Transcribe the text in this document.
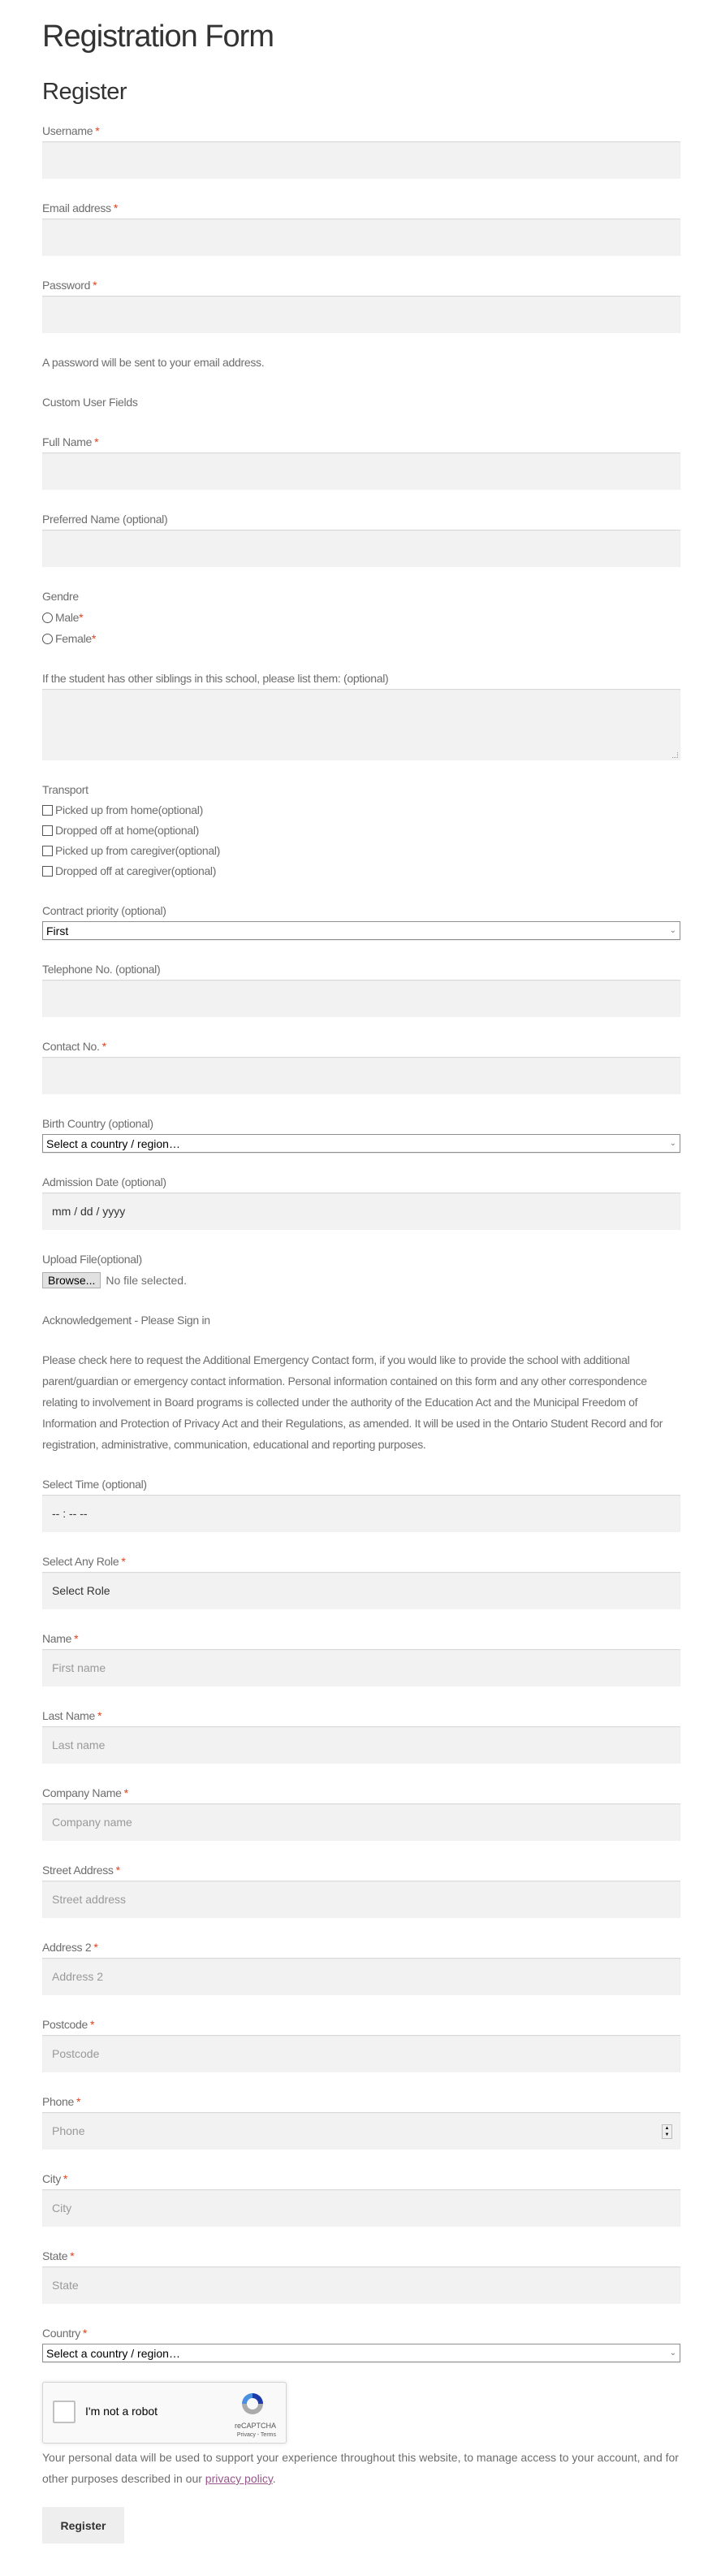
Registration Form
Register
Username *
Email address *
Password *

A password will be sent to your email address.

Custom User Fields

Full Name *
Preferred Name (optional)
Gendre
Male *
Female *
If the student has other siblings in this school, please list them: (optional)
Transport
Picked up from home(optional)
Dropped off at home(optional)
Picked up from caregiver(optional)
Dropped off at caregiver(optional)
Contract priority (optional)
First	⌄
Telephone No. (optional)
Contact No. *
Birth Country (optional)
Select a country / region…	⌄
Admission Date (optional)
mm / dd / yyyy
Upload File(optional)
Browse... No file selected.

Acknowledgement - Please Sign in

Please check here to request the Additional Emergency Contact form, if you would like to provide the school with additional parent/guardian or emergency contact information. Personal information contained on this form and any other correspondence relating to involvement in Board programs is collected under the authority of the Education Act and the Municipal Freedom of Information and Protection of Privacy Act and their Regulations, as amended. It will be used in the Ontario Student Record and for registration, administrative, communication, educational and reporting purposes.

Select Time (optional)
-- : -- --
Select Any Role *
Select Role
Name *
First name
Last Name *
Last name
Company Name *
Company name
Street Address *
Street address
Address 2 *
Address 2
Postcode *
Postcode
Phone *
Phone	▲
▼
City *
City
State *
State
Country *
Select a country / region…	⌄
I'm not a robot
reCAPTCHA
Privacy - Terms
Your personal data will be used to support your experience throughout this website, to manage access to your account, and for other purposes described in our privacy policy.
Register
